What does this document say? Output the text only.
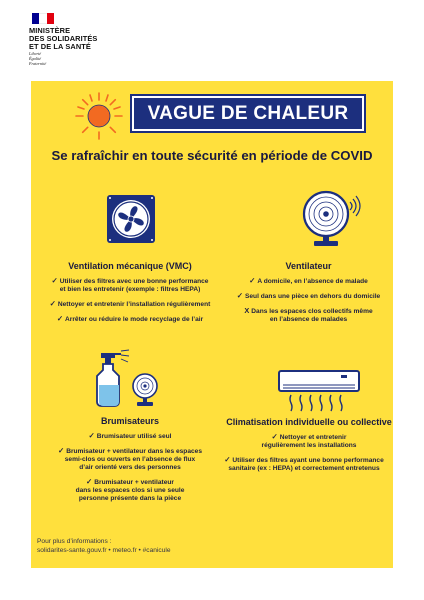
MINISTÈRE
DES SOLIDARITÉS
ET DE LA SANTÉ
Liberté
Égalité
Fraternité
VAGUE DE CHALEUR
Se rafraîchir en toute sécurité en période de COVID
Ventilation mécanique (VMC)
✓ Utiliser des filtres avec une bonne performance
et bien les entretenir (exemple : filtres HEPA)
✓ Nettoyer et entretenir l’installation régulièrement
✓ Arrêter ou réduire le mode recyclage de l’air
Ventilateur
✓ A domicile, en l’absence de malade
✓ Seul dans une pièce en dehors du domicile
X Dans les espaces clos collectifs même
en l’absence de malades
Brumisateurs
✓ Brumisateur utilisé seul
✓ Brumisateur + ventilateur dans les espaces
semi-clos ou ouverts en l’absence de flux
d’air orienté vers des personnes
✓ Brumisateur + ventilateur
dans les espaces clos si une seule
personne présente dans la pièce
Climatisation individuelle ou collective
✓ Nettoyer et entretenir
régulièrement les installations
✓ Utiliser des filtres ayant une bonne performance
sanitaire (ex : HEPA) et correctement entretenus
Pour plus d’informations :
solidarites-sante.gouv.fr • meteo.fr • #canicule
